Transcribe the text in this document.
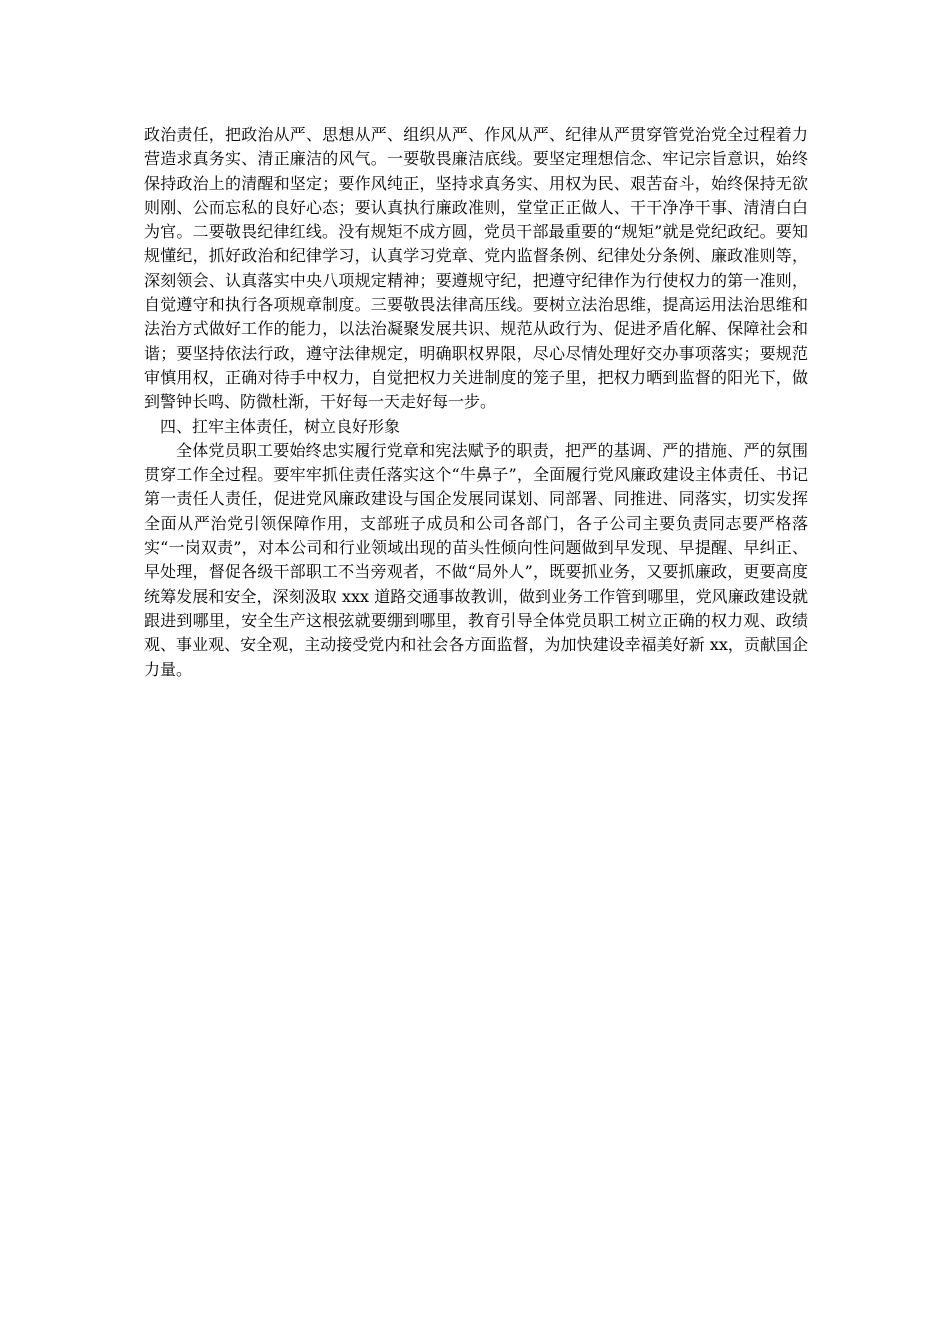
政治责任，把政治从严、思想从严、组织从严、作风从严、纪律从严贯穿管党治党全过程着力营造求真务实、清正廉洁的风气。一要敬畏廉洁底线。要坚定理想信念、牢记宗旨意识，始终保持政治上的清醒和坚定；要作风纯正，坚持求真务实、用权为民、艰苦奋斗，始终保持无欲则刚、公而忘私的良好心态；要认真执行廉政准则，堂堂正正做人、干干净净干事、清清白白为官。二要敬畏纪律红线。没有规矩不成方圆，党员干部最重要的“规矩”就是党纪政纪。要知规懂纪，抓好政治和纪律学习，认真学习党章、党内监督条例、纪律处分条例、廉政准则等，深刻领会、认真落实中央八项规定精神；要遵规守纪，把遵守纪律作为行使权力的第一准则，自觉遵守和执行各项规章制度。三要敬畏法律高压线。要树立法治思维，提高运用法治思维和法治方式做好工作的能力，以法治凝聚发展共识、规范从政行为、促进矛盾化解、保障社会和谐；要坚持依法行政，遵守法律规定，明确职权界限，尽心尽情处理好交办事项落实；要规范审慎用权，正确对待手中权力，自觉把权力关进制度的笼子里，把权力晒到监督的阳光下，做到警钟长鸣、防微杜渐，干好每一天走好每一步。

四、扛牢主体责任，树立良好形象

全体党员职工要始终忠实履行党章和宪法赋予的职责，把严的基调、严的措施、严的氛围贯穿工作全过程。要牢牢抓住责任落实这个“牛鼻子”，全面履行党风廉政建设主体责任、书记第一责任人责任，促进党风廉政建设与国企发展同谋划、同部署、同推进、同落实，切实发挥全面从严治党引领保障作用，支部班子成员和公司各部门，各子公司主要负责同志要严格落实“一岗双责”，对本公司和行业领域出现的苗头性倾向性问题做到早发现、早提醒、早纠正、早处理，督促各级干部职工不当旁观者，不做“局外人”，既要抓业务，又要抓廉政，更要高度统筹发展和安全，深刻汲取 xxx 道路交通事故教训，做到业务工作管到哪里，党风廉政建设就跟进到哪里，安全生产这根弦就要绷到哪里，教育引导全体党员职工树立正确的权力观、政绩观、事业观、安全观，主动接受党内和社会各方面监督，为加快建设幸福美好新 xx，贡献国企力量。
